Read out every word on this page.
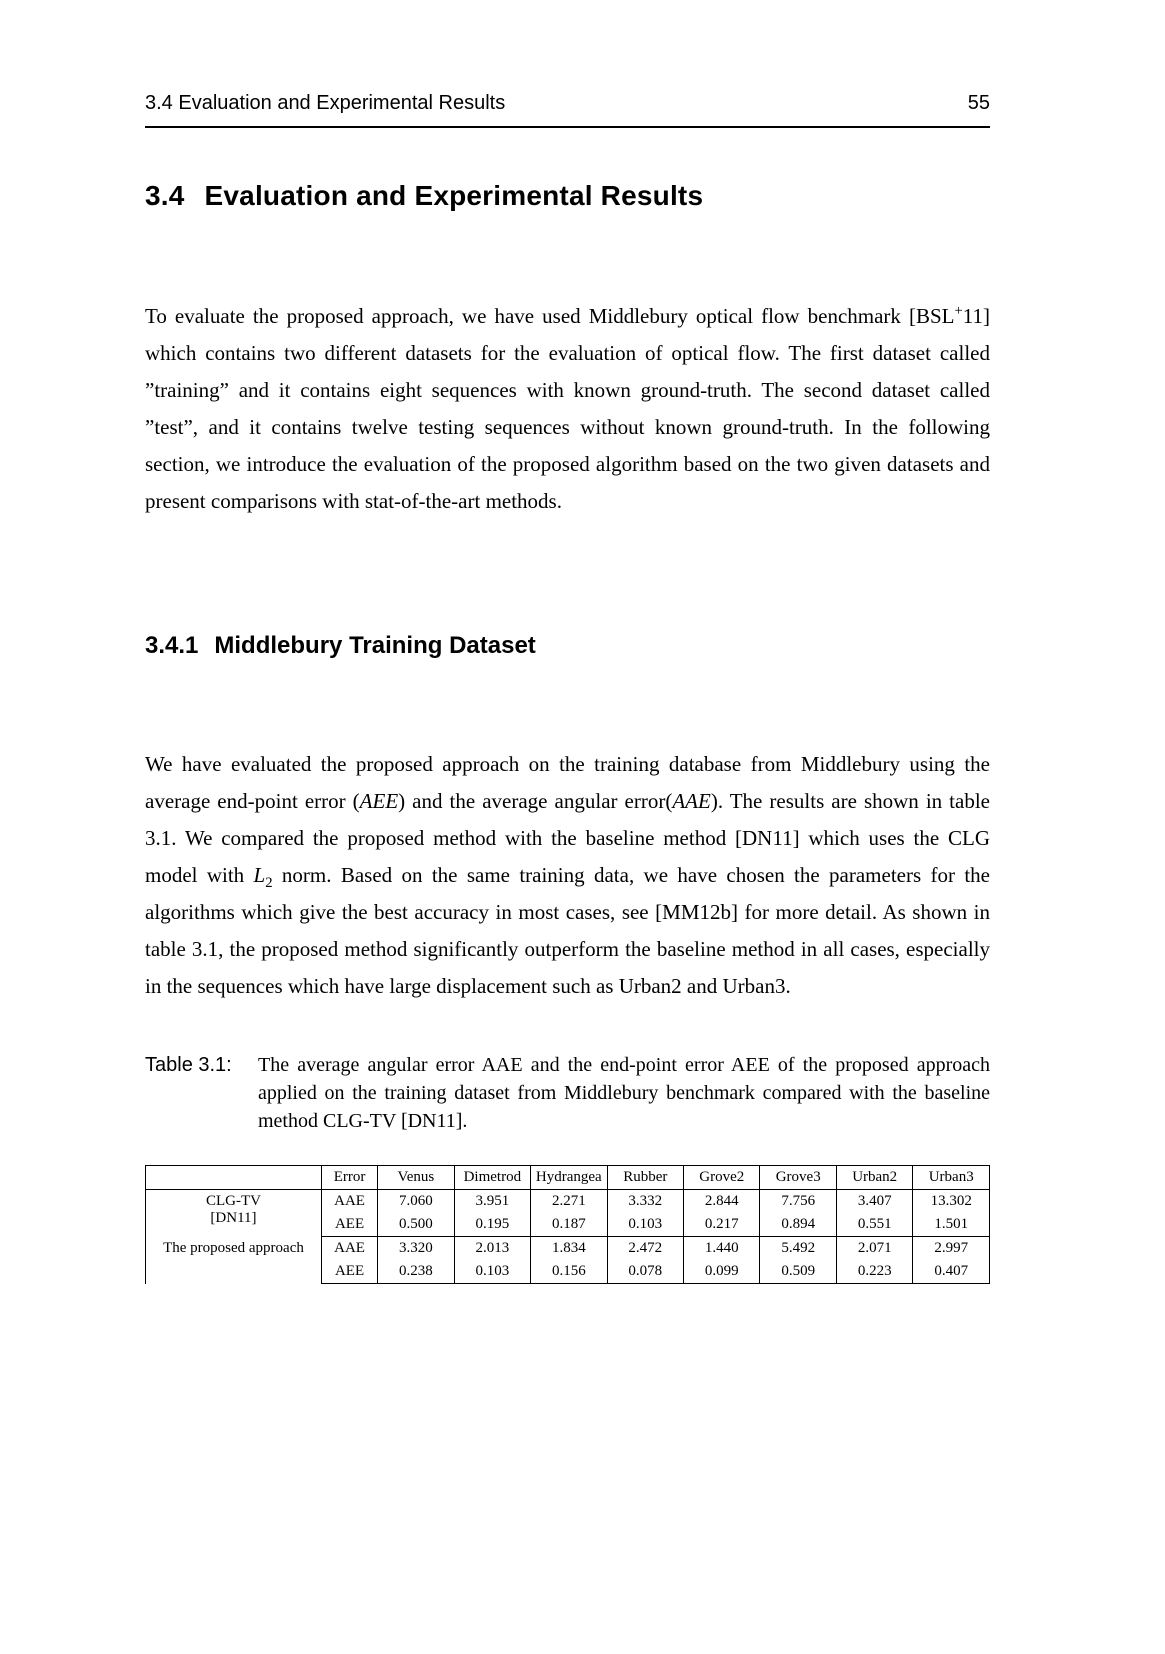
3.4 Evaluation and Experimental Results	55
3.4 Evaluation and Experimental Results

To evaluate the proposed approach, we have used Middlebury optical flow benchmark [BSL+11] which contains two different datasets for the evaluation of optical flow. The first dataset called ”training” and it contains eight sequences with known ground-truth. The second dataset called ”test”, and it contains twelve testing sequences without known ground-truth. In the following section, we introduce the evaluation of the proposed algorithm based on the two given datasets and present comparisons with stat-of-the-art methods.

3.4.1 Middlebury Training Dataset

We have evaluated the proposed approach on the training database from Middlebury using the average end-point error (AEE) and the average angular error(AAE). The results are shown in table 3.1. We compared the proposed method with the baseline method [DN11] which uses the CLG model with $L_2$ norm. Based on the same training data, we have chosen the parameters for the algorithms which give the best accuracy in most cases, see [MM12b] for more detail. As shown in table 3.1, the proposed method significantly outperform the baseline method in all cases, especially in the sequences which have large displacement such as Urban2 and Urban3.

Table 3.1: The average angular error AAE and the end-point error AEE of the proposed approach applied on the training dataset from Middlebury benchmark compared with the baseline method CLG-TV [DN11].
	Error	Venus	Dimetrod	Hydrangea	Rubber	Grove2	Grove3	Urban2	Urban3

CLG-TV
[DN11]	AAE	7.060	3.951	2.271	3.332	2.844	7.756	3.407	13.302
	AEE	0.500	0.195	0.187	0.103	0.217	0.894	0.551	1.501

The proposed approach	AAE	3.320	2.013	1.834	2.472	1.440	5.492	2.071	2.997
	AEE	0.238	0.103	0.156	0.078	0.099	0.509	0.223	0.407
